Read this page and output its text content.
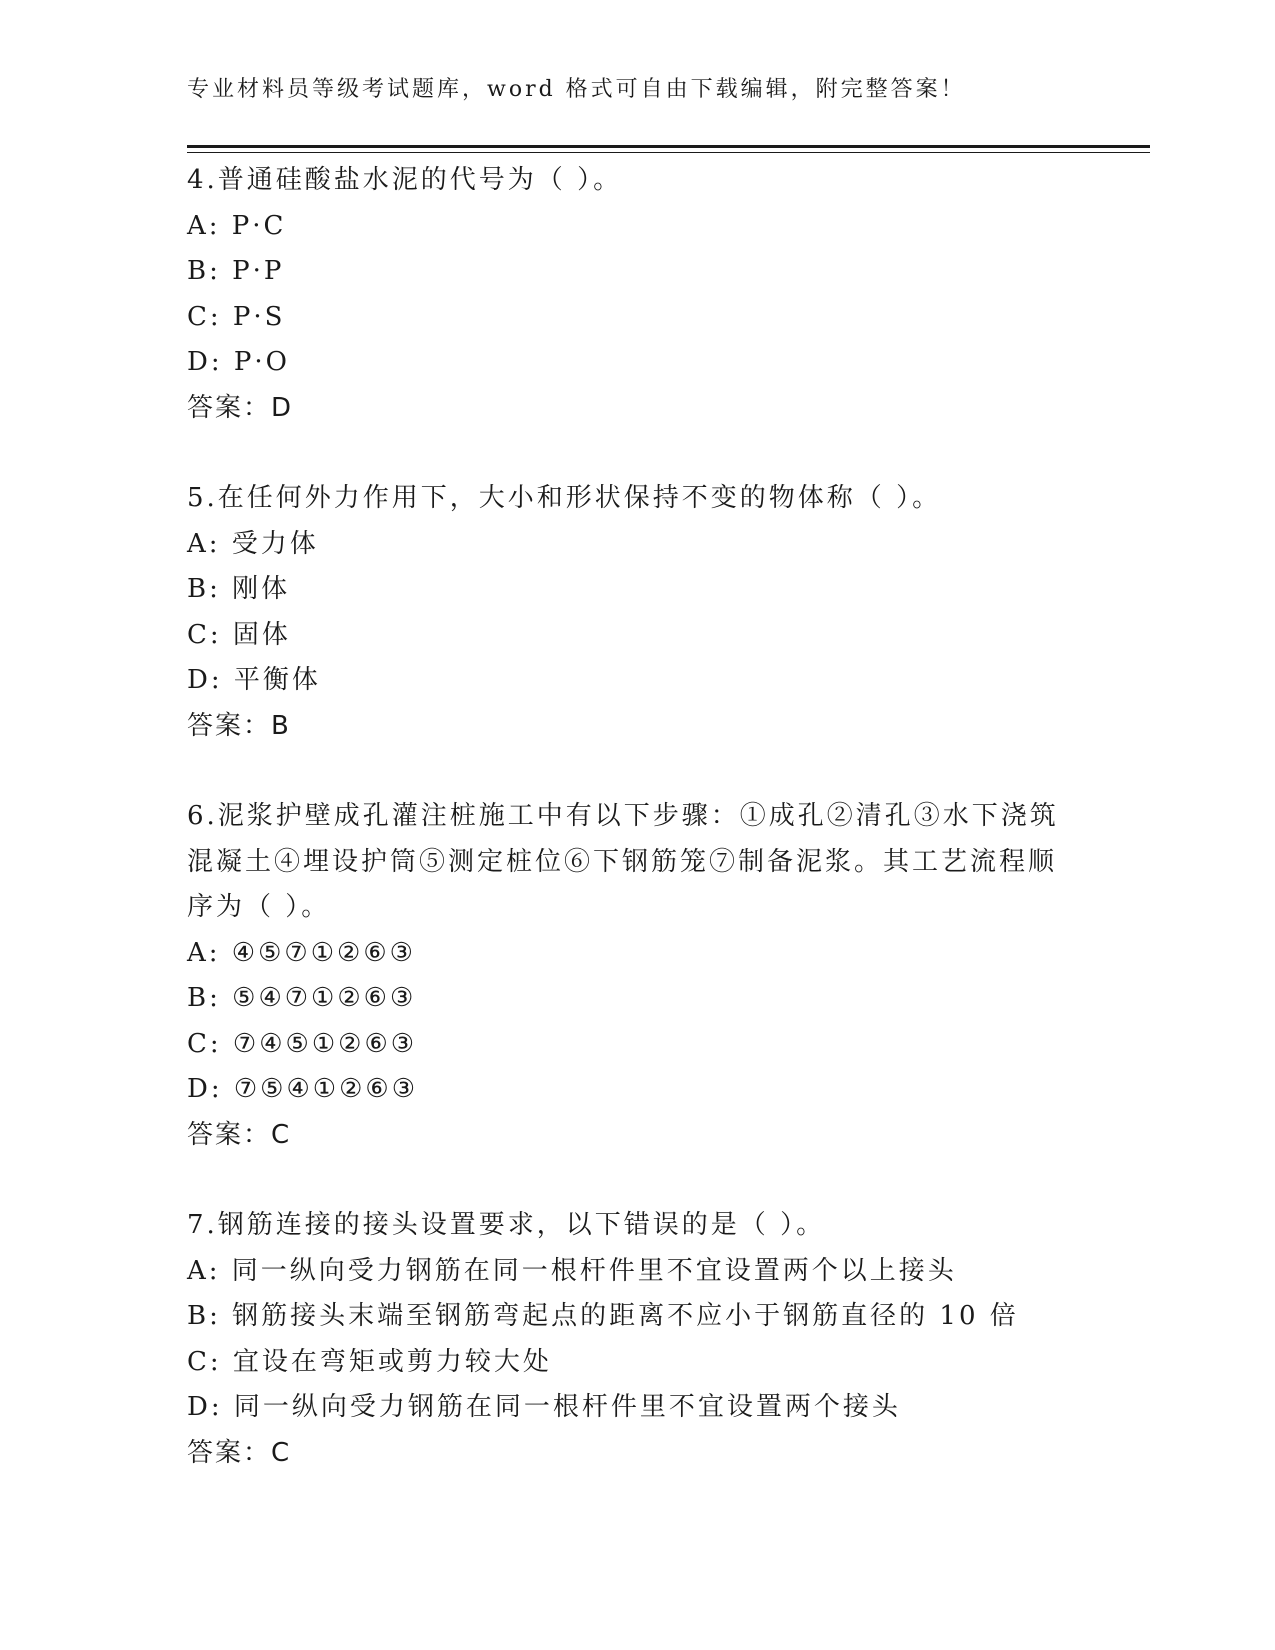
专业材料员等级考试题库，word 格式可自由下载编辑，附完整答案！
4.普通硅酸盐水泥的代号为（ ）。
A: P·C
B: P·P
C: P·S
D: P·O
答案：D
5.在任何外力作用下，大小和形状保持不变的物体称（ ）。
A: 受力体
B: 刚体
C: 固体
D: 平衡体
答案：B
6.泥浆护壁成孔灌注桩施工中有以下步骤：①成孔②清孔③水下浇筑
混凝土④埋设护筒⑤测定桩位⑥下钢筋笼⑦制备泥浆。其工艺流程顺
序为（ ）。
A: ④⑤⑦①②⑥③
B: ⑤④⑦①②⑥③
C: ⑦④⑤①②⑥③
D: ⑦⑤④①②⑥③
答案：C
7.钢筋连接的接头设置要求，以下错误的是（ ）。
A: 同一纵向受力钢筋在同一根杆件里不宜设置两个以上接头
B: 钢筋接头末端至钢筋弯起点的距离不应小于钢筋直径的 10 倍
C: 宜设在弯矩或剪力较大处
D: 同一纵向受力钢筋在同一根杆件里不宜设置两个接头
答案：C
